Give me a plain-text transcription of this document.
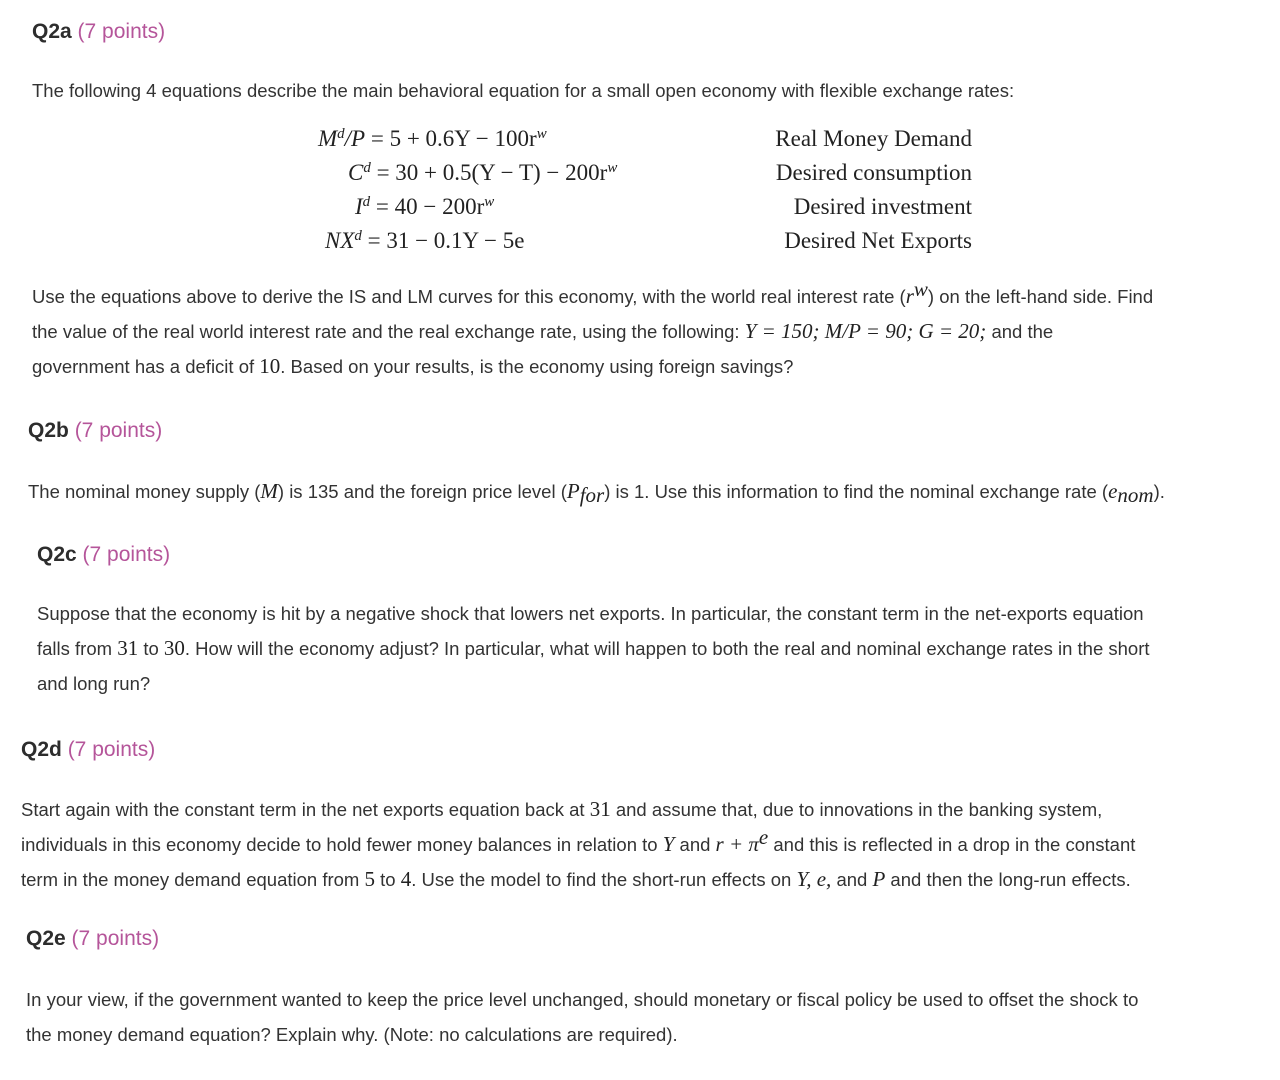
Q2a (7 points)
The following 4 equations describe the main behavioral equation for a small open economy with flexible exchange rates:
$M^d/P = 5 + 0.6Y - 100r^w$	Real Money Demand
$C^d = 30 + 0.5(Y - T) - 200r^w$	Desired consumption
$I^d = 40 - 200r^w$	Desired investment
$NX^d = 31 - 0.1Y - 5e$	Desired Net Exports
Use the equations above to derive the IS and LM curves for this economy, with the world real interest rate $(r^w)$ on the left-hand side. Find
the value of the real world interest rate and the real exchange rate, using the following: Y = 150; M/P = 90; G = 20; and the
government has a deficit of 10. Based on your results, is the economy using foreign savings?
Q2b (7 points)
The nominal money supply (M) is 135 and the foreign price level $(P_{for})$ is 1. Use this information to find the nominal exchange rate $(e_{nom})$.
Q2c (7 points)
Suppose that the economy is hit by a negative shock that lowers net exports. In particular, the constant term in the net-exports equation
falls from 31 to 30. How will the economy adjust? In particular, what will happen to both the real and nominal exchange rates in the short
and long run?
Q2d (7 points)
Start again with the constant term in the net exports equation back at 31 and assume that, due to innovations in the banking system,
individuals in this economy decide to hold fewer money balances in relation to Y and $r + \pi^e$ and this is reflected in a drop in the constant
term in the money demand equation from 5 to 4. Use the model to find the short-run effects on Y, e, and P and then the long-run effects.
Q2e (7 points)
In your view, if the government wanted to keep the price level unchanged, should monetary or fiscal policy be used to offset the shock to
the money demand equation? Explain why. (Note: no calculations are required).
